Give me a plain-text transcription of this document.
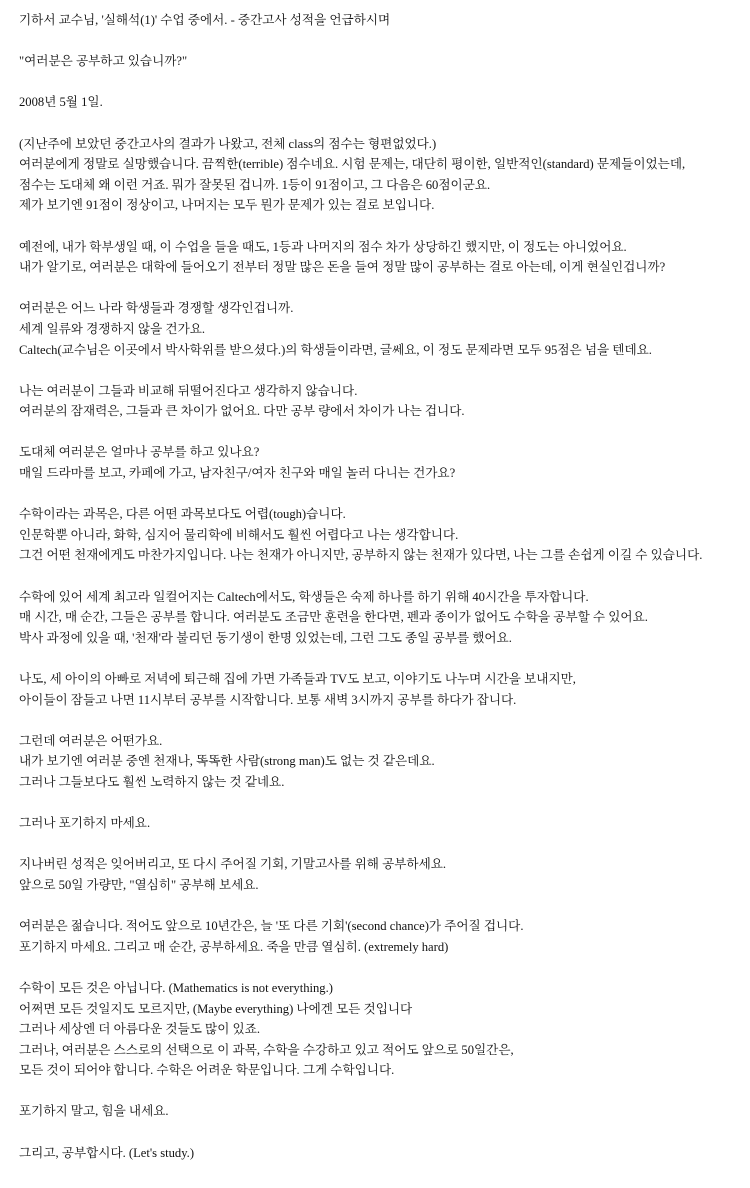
기하서 교수님, '실해석(1)' 수업 중에서. - 중간고사 성적을 언급하시며
"여러분은 공부하고 있습니까?"
2008년 5월 1일.
(지난주에 보았던 중간고사의 결과가 나왔고, 전체 class의 점수는 형편없었다.)
여러분에게 정말로 실망했습니다. 끔찍한(terrible) 점수네요. 시험 문제는, 대단히 평이한, 일반적인(standard) 문제들이었는데,
점수는 도대체 왜 이런 거죠. 뭐가 잘못된 겁니까. 1등이 91점이고, 그 다음은 60점이군요.
제가 보기엔 91점이 정상이고, 나머지는 모두 뭔가 문제가 있는 걸로 보입니다.
예전에, 내가 학부생일 때, 이 수업을 들을 때도, 1등과 나머지의 점수 차가 상당하긴 했지만, 이 정도는 아니었어요.
내가 알기로, 여러분은 대학에 들어오기 전부터 정말 많은 돈을 들여 정말 많이 공부하는 걸로 아는데, 이게 현실인겁니까?
여러분은 어느 나라 학생들과 경쟁할 생각인겁니까.
세계 일류와 경쟁하지 않을 건가요.
Caltech(교수님은 이곳에서 박사학위를 받으셨다.)의 학생들이라면, 글쎄요, 이 정도 문제라면 모두 95점은 넘을 텐데요.
나는 여러분이 그들과 비교해 뒤떨어진다고 생각하지 않습니다.
여러분의 잠재력은, 그들과 큰 차이가 없어요. 다만 공부 량에서 차이가 나는 겁니다.
도대체 여러분은 얼마나 공부를 하고 있나요?
매일 드라마를 보고, 카페에 가고, 남자친구/여자 친구와 매일 놀러 다니는 건가요?
수학이라는 과목은, 다른 어떤 과목보다도 어렵(tough)습니다.
인문학뿐 아니라, 화학, 심지어 물리학에 비해서도 훨씬 어렵다고 나는 생각합니다.
그건 어떤 천재에게도 마찬가지입니다. 나는 천재가 아니지만, 공부하지 않는 천재가 있다면, 나는 그를 손쉽게 이길 수 있습니다.
수학에 있어 세계 최고라 일컬어지는 Caltech에서도, 학생들은 숙제 하나를 하기 위해 40시간을 투자합니다.
매 시간, 매 순간, 그들은 공부를 합니다. 여러분도 조금만 훈련을 한다면, 펜과 종이가 없어도 수학을 공부할 수 있어요.
박사 과정에 있을 때, '천재'라 불리던 동기생이 한명 있었는데, 그런 그도 종일 공부를 했어요.
나도, 세 아이의 아빠로 저녁에 퇴근해 집에 가면 가족들과 TV도 보고, 이야기도 나누며 시간을 보내지만,
아이들이 잠들고 나면 11시부터 공부를 시작합니다. 보통 새벽 3시까지 공부를 하다가 잡니다.
그런데 여러분은 어떤가요.
내가 보기엔 여러분 중엔 천재나, 똑똑한 사람(strong man)도 없는 것 같은데요.
그러나 그들보다도 훨씬 노력하지 않는 것 같네요.
그러나 포기하지 마세요.
지나버린 성적은 잊어버리고, 또 다시 주어질 기회, 기말고사를 위해 공부하세요.
앞으로 50일 가량만, "열심히" 공부해 보세요.
여러분은 젊습니다. 적어도 앞으로 10년간은, 늘 '또 다른 기회'(second chance)가 주어질 겁니다.
포기하지 마세요. 그리고 매 순간, 공부하세요. 죽을 만큼 열심히. (extremely hard)
수학이 모든 것은 아닙니다. (Mathematics is not everything.)
어쩌면 모든 것일지도 모르지만, (Maybe everything) 나에겐 모든 것입니다
그러나 세상엔 더 아름다운 것들도 많이 있죠.
그러나, 여러분은 스스로의 선택으로 이 과목, 수학을 수강하고 있고 적어도 앞으로 50일간은,
모든 것이 되어야 합니다. 수학은 어려운 학문입니다. 그게 수학입니다.
포기하지 말고, 힘을 내세요.
그리고, 공부합시다. (Let's study.)
